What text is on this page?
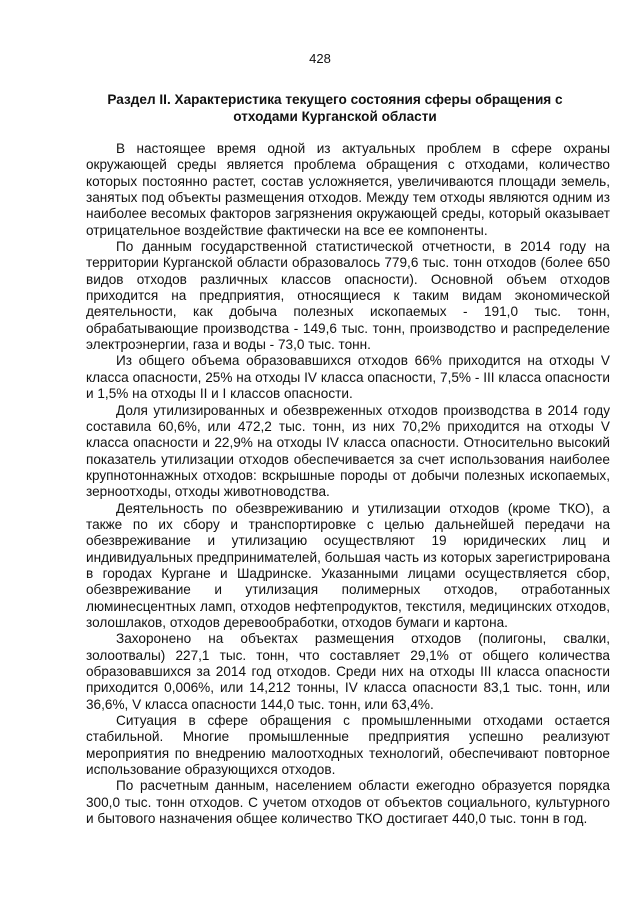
428
Раздел II. Характеристика текущего состояния сферы обращения с отходами Курганской области

В настоящее время одной из актуальных проблем в сфере охраны окружающей среды является проблема обращения с отходами, количество которых постоянно растет, состав усложняется, увеличиваются площади земель, занятых под объекты размещения отходов. Между тем отходы являются одним из наиболее весомых факторов загрязнения окружающей среды, который оказывает отрицательное воздействие фактически на все ее компоненты.

По данным государственной статистической отчетности, в 2014 году на территории Курганской области образовалось 779,6 тыс. тонн отходов (более 650 видов отходов различных классов опасности). Основной объем отходов приходится на предприятия, относящиеся к таким видам экономической деятельности, как добыча полезных ископаемых - 191,0 тыс. тонн, обрабатывающие производства - 149,6 тыс. тонн, производство и распределение электроэнергии, газа и воды - 73,0 тыс. тонн.

Из общего объема образовавшихся отходов 66% приходится на отходы V класса опасности, 25% на отходы IV класса опасности, 7,5% - III класса опасности и 1,5% на отходы II и I классов опасности.

Доля утилизированных и обезвреженных отходов производства в 2014 году составила 60,6%, или 472,2 тыс. тонн, из них 70,2% приходится на отходы V класса опасности и 22,9% на отходы IV класса опасности. Относительно высокий показатель утилизации отходов обеспечивается за счет использования наиболее крупнотоннажных отходов: вскрышные породы от добычи полезных ископаемых, зерноотходы, отходы животноводства.

Деятельность по обезвреживанию и утилизации отходов (кроме ТКО), а также по их сбору и транспортировке с целью дальнейшей передачи на обезвреживание и утилизацию осуществляют 19 юридических лиц и индивидуальных предпринимателей, большая часть из которых зарегистрирована в городах Кургане и Шадринске. Указанными лицами осуществляется сбор, обезвреживание и утилизация полимерных отходов, отработанных люминесцентных ламп, отходов нефтепродуктов, текстиля, медицинских отходов, золошлаков, отходов деревообработки, отходов бумаги и картона.

Захоронено на объектах размещения отходов (полигоны, свалки, золоотвалы) 227,1 тыс. тонн, что составляет 29,1% от общего количества образовавшихся за 2014 год отходов. Среди них на отходы III класса опасности приходится 0,006%, или 14,212 тонны, IV класса опасности 83,1 тыс. тонн, или 36,6%, V класса опасности 144,0 тыс. тонн, или 63,4%.

Ситуация в сфере обращения с промышленными отходами остается стабильной. Многие промышленные предприятия успешно реализуют мероприятия по внедрению малоотходных технологий, обеспечивают повторное использование образующихся отходов.

По расчетным данным, населением области ежегодно образуется порядка 300,0 тыс. тонн отходов. С учетом отходов от объектов социального, культурного и бытового назначения общее количество ТКО достигает 440,0 тыс. тонн в год.
